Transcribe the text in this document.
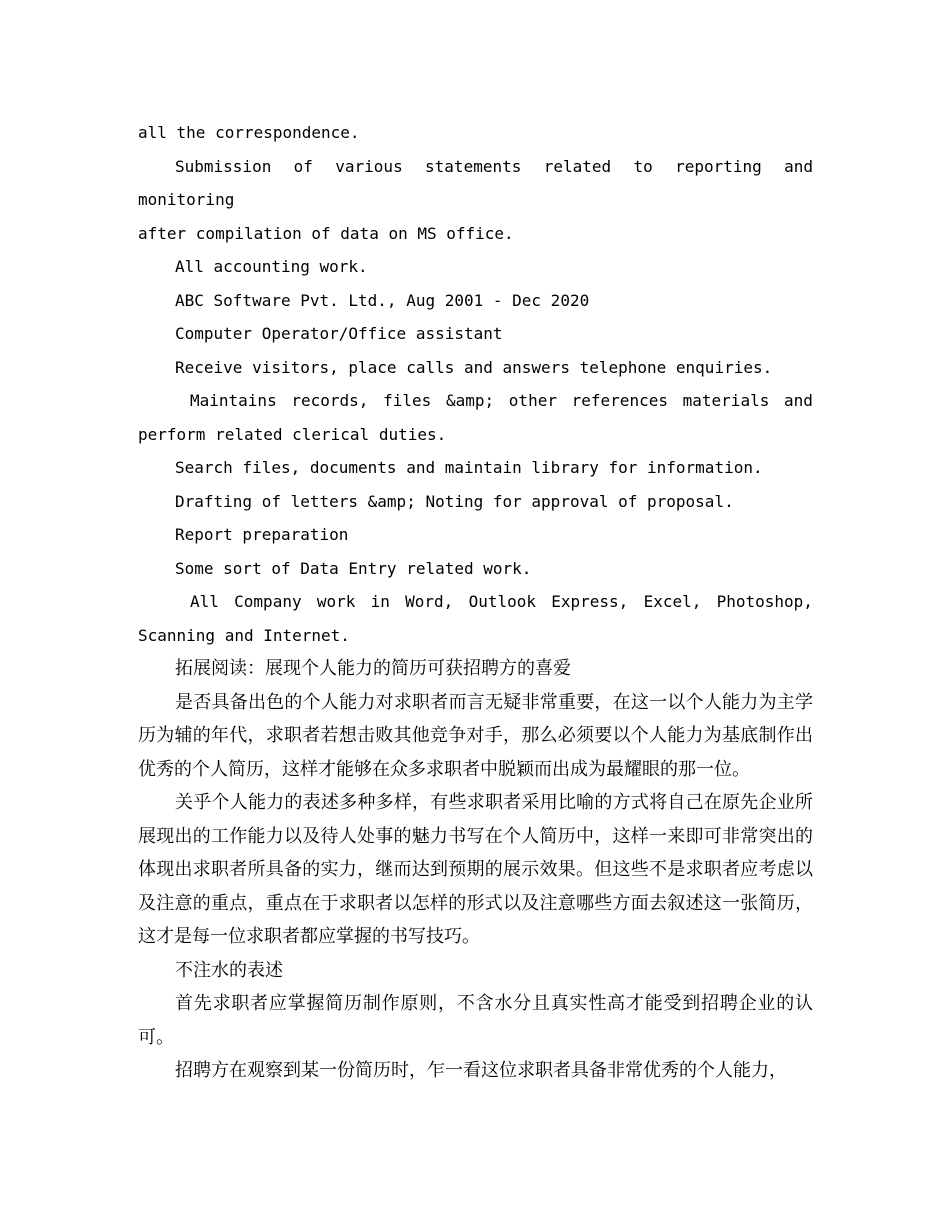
all the correspondence.

Submission of various statements related to reporting and monitoring

after compilation of data on MS office.

All accounting work.

ABC Software Pvt. Ltd., Aug 2001 - Dec 2020

Computer Operator/Office assistant

Receive visitors, place calls and answers telephone enquiries.

Maintains records, files &amp; other references materials and

perform related clerical duties.

Search files, documents and maintain library for information.

Drafting of letters &amp; Noting for approval of proposal.

Report preparation

Some sort of Data Entry related work.

All Company work in Word, Outlook Express, Excel, Photoshop,

Scanning and Internet.

拓展阅读：展现个人能力的简历可获招聘方的喜爱

是否具备出色的个人能力对求职者而言无疑非常重要，在这一以个人能力为主学历为辅的年代，求职者若想击败其他竞争对手，那么必须要以个人能力为基底制作出优秀的个人简历，这样才能够在众多求职者中脱颖而出成为最耀眼的那一位。

关乎个人能力的表述多种多样，有些求职者采用比喻的方式将自己在原先企业所展现出的工作能力以及待人处事的魅力书写在个人简历中，这样一来即可非常突出的体现出求职者所具备的实力，继而达到预期的展示效果。但这些不是求职者应考虑以及注意的重点，重点在于求职者以怎样的形式以及注意哪些方面去叙述这一张简历，这才是每一位求职者都应掌握的书写技巧。

不注水的表述

首先求职者应掌握简历制作原则，不含水分且真实性高才能受到招聘企业的认可。

招聘方在观察到某一份简历时，乍一看这位求职者具备非常优秀的个人能力，
